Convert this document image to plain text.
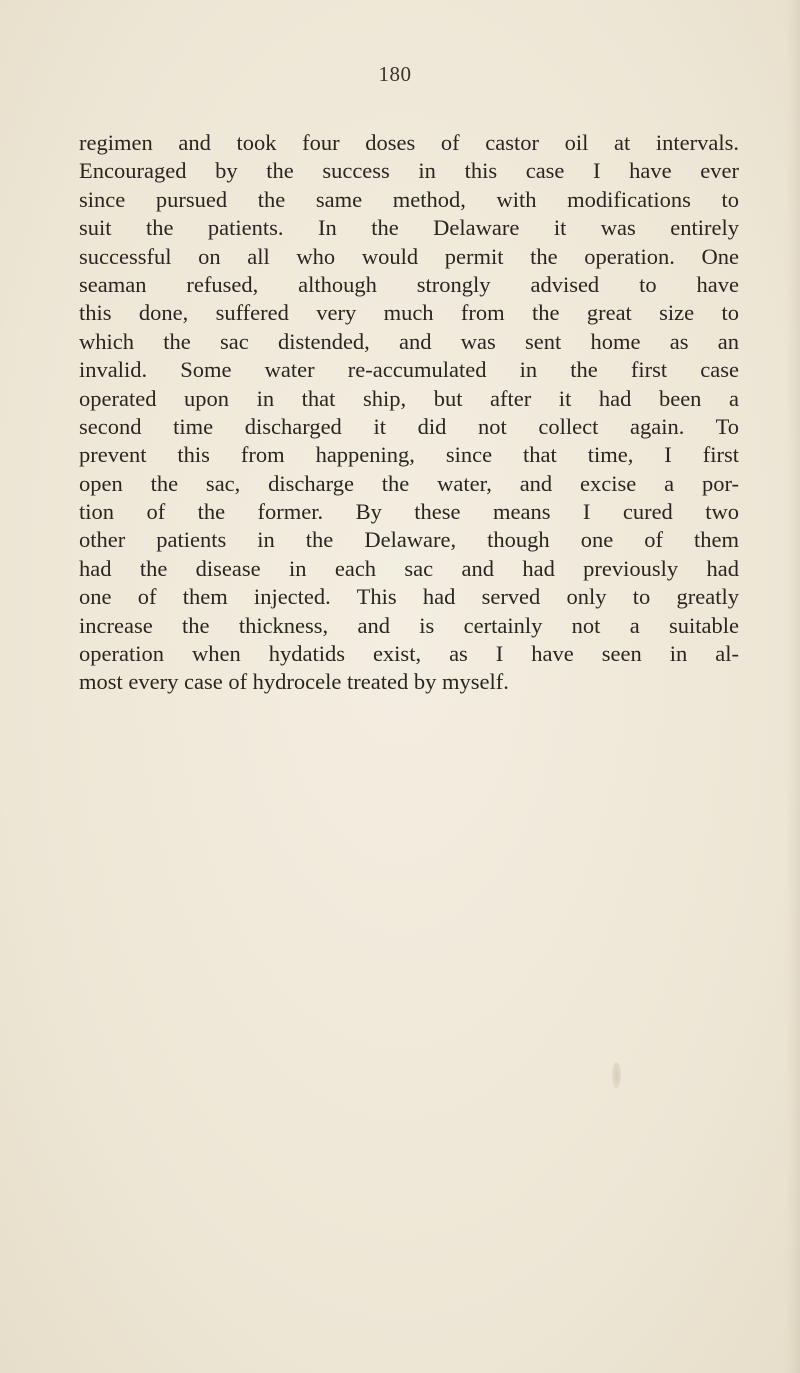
180
regimen and took four doses of castor oil at intervals.
Encouraged by the success in this case I have ever
since pursued the same method, with modifications to
suit the patients. In the Delaware it was entirely
successful on all who would permit the operation. One
seaman refused, although strongly advised to have
this done, suffered very much from the great size to
which the sac distended, and was sent home as an
invalid. Some water re-accumulated in the first case
operated upon in that ship, but after it had been a
second time discharged it did not collect again. To
prevent this from happening, since that time, I first
open the sac, discharge the water, and excise a por-
tion of the former. By these means I cured two
other patients in the Delaware, though one of them
had the disease in each sac and had previously had
one of them injected. This had served only to greatly
increase the thickness, and is certainly not a suitable
operation when hydatids exist, as I have seen in al-
most every case of hydrocele treated by myself.
